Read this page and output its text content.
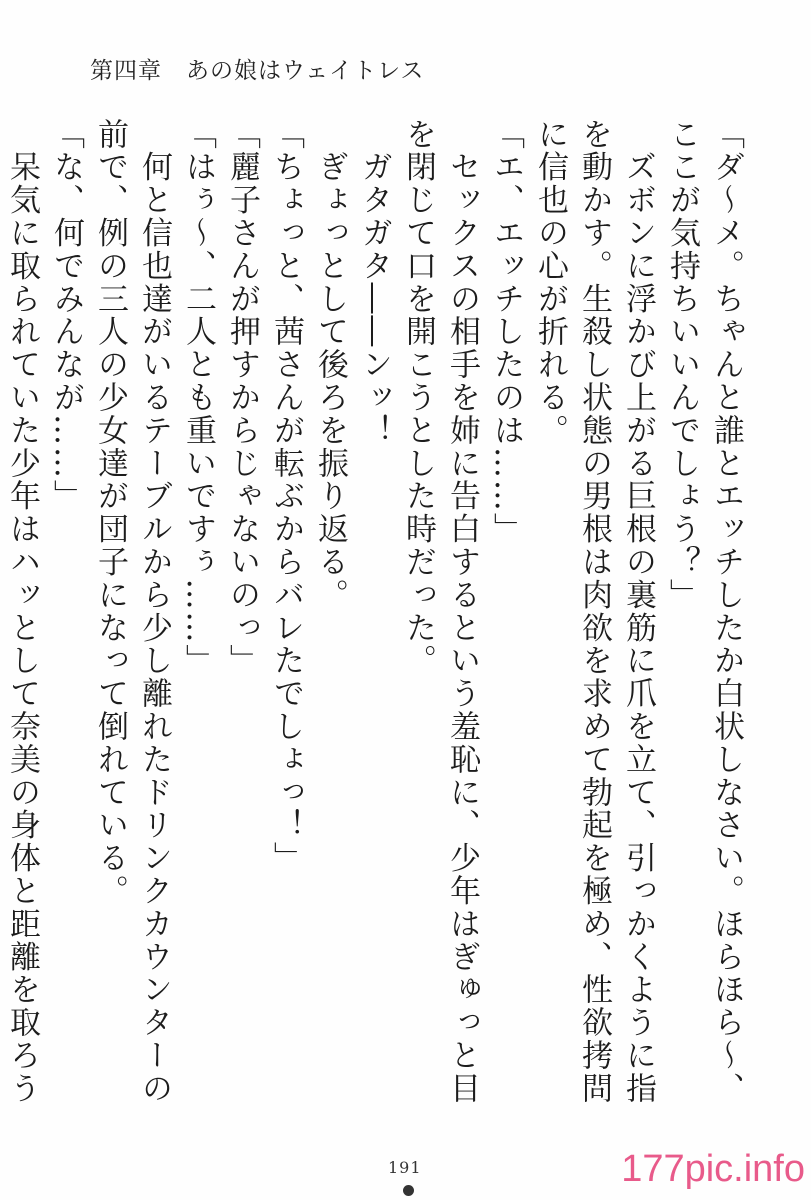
第四章　あの娘はウェイトレス

「ダ～メ。ちゃんと誰とエッチしたか白状しなさい。ほらほら～、ここが気持ちいいんでしょう？」

　ズボンに浮かび上がる巨根の裏筋に爪を立て、引っかくように指を動かす。生殺し状態の男根は肉欲を求めて勃起を極め、性欲拷問に信也の心が折れる。

「エ、エッチしたのは……」

　セックスの相手を姉に告白するという羞恥に、少年はぎゅっと目を閉じて口を開こうとした時だった。

　ガタガタ――ンッ！

　ぎょっとして後ろを振り返る。

「ちょっと、茜さんが転ぶからバレたでしょっ！」

「麗子さんが押すからじゃないのっ」

「はぅ～、二人とも重いですぅ……」

　何と信也達がいるテーブルから少し離れたドリンクカウンターの前で、例の三人の少女達が団子になって倒れている。

「な、何でみんなが……」

　呆気に取られていた少年はハッとして奈美の身体と距離を取ろう

191	177pic.info
